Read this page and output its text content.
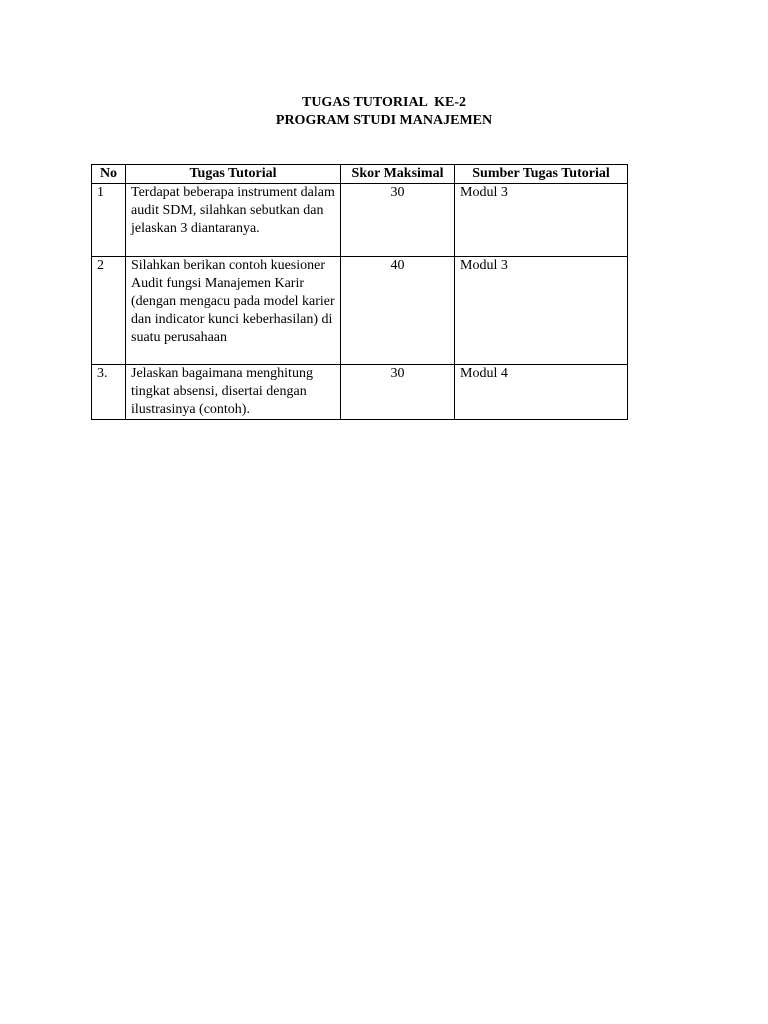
TUGAS TUTORIAL  KE-2
PROGRAM STUDI MANAJEMEN
No	Tugas Tutorial	Skor Maksimal	Sumber Tugas Tutorial
1	Terdapat beberapa instrument dalam audit SDM, silahkan sebutkan dan jelaskan 3 diantaranya.	30	Modul 3
2	Silahkan berikan contoh kuesioner Audit fungsi Manajemen Karir (dengan mengacu pada model karier dan indicator kunci keberhasilan) di suatu perusahaan	40	Modul 3
3.	Jelaskan bagaimana menghitung tingkat absensi, disertai dengan ilustrasinya (contoh).	30	Modul 4
